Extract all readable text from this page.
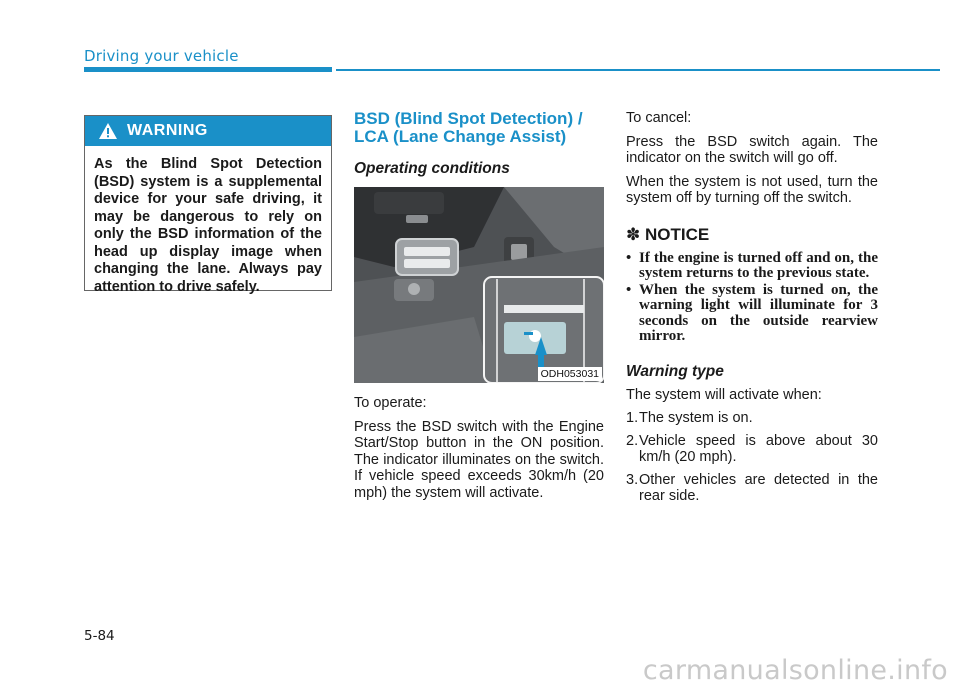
Driving your vehicle
WARNING
As the Blind Spot Detection (BSD) system is a supplemental device for your safe driving, it may be dangerous to rely on only the BSD information of the head up display image when changing the lane. Always pay attention to drive safely.
BSD (Blind Spot Detection) / LCA (Lane Change Assist)
Operating conditions
ODH053031

To operate:

Press the BSD switch with the Engine Start/Stop button in the ON position. The indicator illuminates on the switch. If vehicle speed exceeds 30km/h (20 mph) the system will activate.

To cancel:

Press the BSD switch again. The indicator on the switch will go off.

When the system is not used, turn the system off by turning off the switch.

✽ NOTICE
• If the engine is turned off and on, the system returns to the previous state.
• When the system is turned on, the warning light will illuminate for 3 seconds on the outside rearview mirror.
Warning type

The system will activate when:

1. The system is on.
2. Vehicle speed is above about 30 km/h (20 mph).
3. Other vehicles are detected in the rear side.
5-84
carmanualsonline.info
